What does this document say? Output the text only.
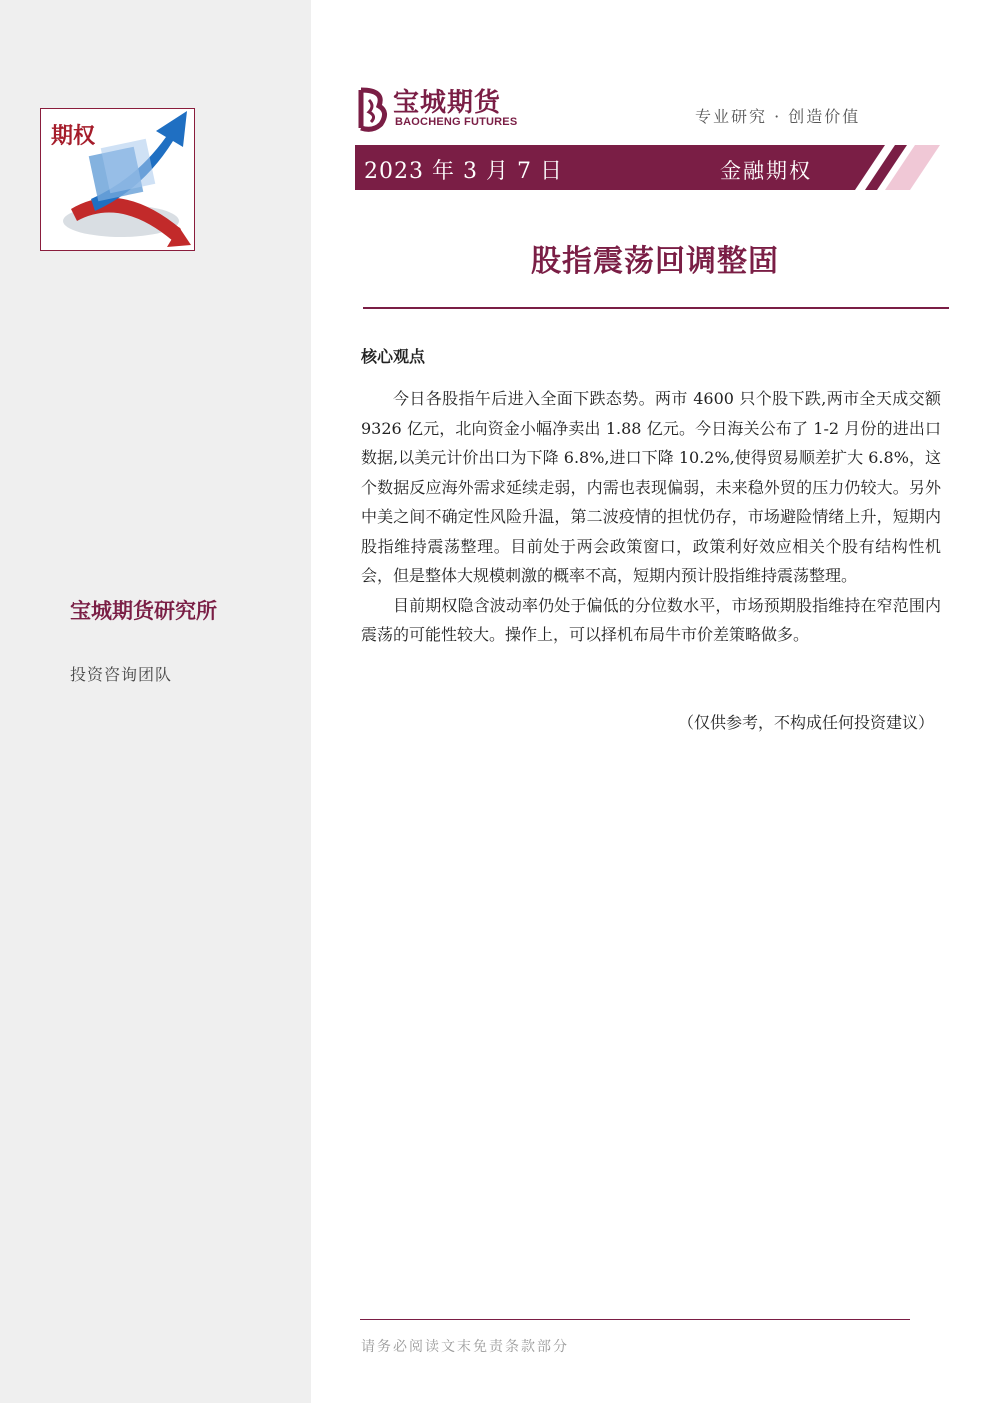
期权
宝城期货研究所
投资咨询团队
宝城期货
BAOCHENG FUTURES	专业研究 · 创造价值
2023 年 3 月 7 日	金融期权
股指震荡回调整固
核心观点

今日各股指午后进入全面下跌态势。两市 4600 只个股下跌,两市全天成交额 9326 亿元，北向资金小幅净卖出 1.88 亿元。今日海关公布了 1-2 月份的进出口数据,以美元计价出口为下降 6.8%,进口下降 10.2%,使得贸易顺差扩大 6.8%，这个数据反应海外需求延续走弱，内需也表现偏弱，未来稳外贸的压力仍较大。另外中美之间不确定性风险升温，第二波疫情的担忧仍存，市场避险情绪上升，短期内股指维持震荡整理。目前处于两会政策窗口，政策利好效应相关个股有结构性机会，但是整体大规模刺激的概率不高，短期内预计股指维持震荡整理。

目前期权隐含波动率仍处于偏低的分位数水平，市场预期股指维持在窄范围内震荡的可能性较大。操作上，可以择机布局牛市价差策略做多。

（仅供参考，不构成任何投资建议）
请务必阅读文末免责条款部分
